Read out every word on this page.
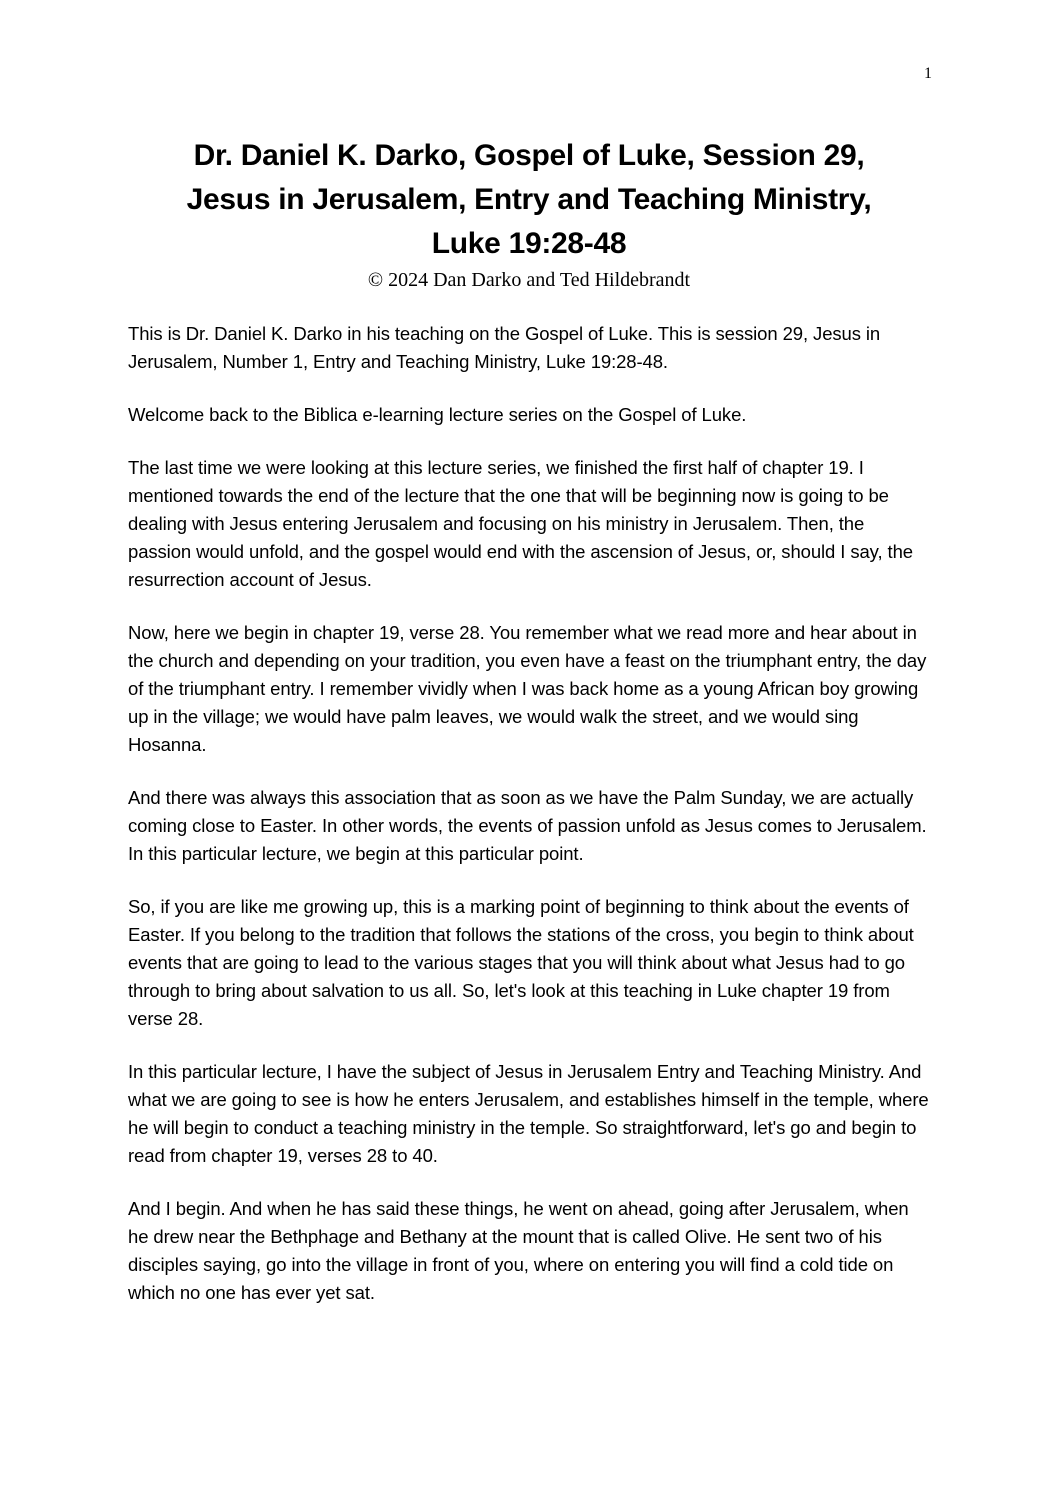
1
Dr. Daniel K. Darko, Gospel of Luke, Session 29,
Jesus in Jerusalem, Entry and Teaching Ministry,
Luke 19:28-48
© 2024 Dan Darko and Ted Hildebrandt

This is Dr. Daniel K. Darko in his teaching on the Gospel of Luke. This is session 29, Jesus in Jerusalem, Number 1, Entry and Teaching Ministry, Luke 19:28-48.

Welcome back to the Biblica e-learning lecture series on the Gospel of Luke.

The last time we were looking at this lecture series, we finished the first half of chapter 19. I mentioned towards the end of the lecture that the one that will be beginning now is going to be dealing with Jesus entering Jerusalem and focusing on his ministry in Jerusalem. Then, the passion would unfold, and the gospel would end with the ascension of Jesus, or, should I say, the resurrection account of Jesus.

Now, here we begin in chapter 19, verse 28. You remember what we read more and hear about in the church and depending on your tradition, you even have a feast on the triumphant entry, the day of the triumphant entry. I remember vividly when I was back home as a young African boy growing up in the village; we would have palm leaves, we would walk the street, and we would sing Hosanna.

And there was always this association that as soon as we have the Palm Sunday, we are actually coming close to Easter. In other words, the events of passion unfold as Jesus comes to Jerusalem. In this particular lecture, we begin at this particular point.

So, if you are like me growing up, this is a marking point of beginning to think about the events of Easter. If you belong to the tradition that follows the stations of the cross, you begin to think about events that are going to lead to the various stages that you will think about what Jesus had to go through to bring about salvation to us all. So, let's look at this teaching in Luke chapter 19 from verse 28.

In this particular lecture, I have the subject of Jesus in Jerusalem Entry and Teaching Ministry. And what we are going to see is how he enters Jerusalem, and establishes himself in the temple, where he will begin to conduct a teaching ministry in the temple. So straightforward, let's go and begin to read from chapter 19, verses 28 to 40.

And I begin. And when he has said these things, he went on ahead, going after Jerusalem, when he drew near the Bethphage and Bethany at the mount that is called Olive. He sent two of his disciples saying, go into the village in front of you, where on entering you will find a cold tide on which no one has ever yet sat.
